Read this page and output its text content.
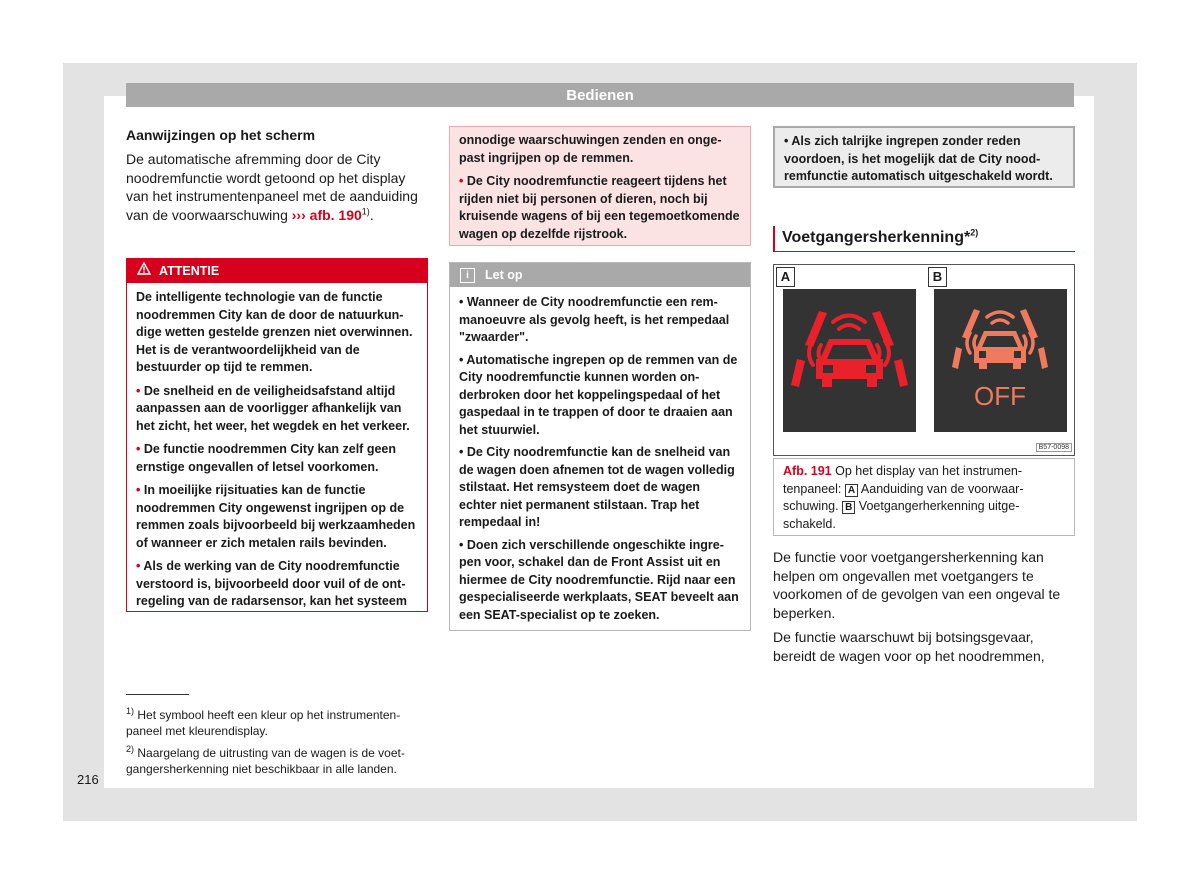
Bedienen
Aanwijzingen op het scherm

De automatische afremming door de City noodremfunctie wordt getoond op het display van het instrumentenpaneel met de aanduiding van de voorwaarschuwing ››› afb. 190$^{1)}$.

ATTENTIE

De intelligente technologie van de functie noodremmen City kan de door de natuurkundige wetten gestelde grenzen niet overwinnen. Het is de verantwoordelijkheid van de bestuurder op tijd te remmen.

• De snelheid en de veiligheidsafstand altijd aanpassen aan de voorligger afhankelijk van het zicht, het weer, het wegdek en het verkeer.

• De functie noodremmen City kan zelf geen ernstige ongevallen of letsel voorkomen.

• In moeilijke rijsituaties kan de functie noodremmen City ongewenst ingrijpen op de remmen zoals bijvoorbeeld bij werkzaamheden of wanneer er zich metalen rails bevinden.

• Als de werking van de City noodremfunctie verstoord is, bijvoorbeeld door vuil of de ontregeling van de radarsensor, kan het systeem

onnodige waarschuwingen zenden en ongepast ingrijpen op de remmen.

• De City noodremfunctie reageert tijdens het rijden niet bij personen of dieren, noch bij kruisende wagens of bij een tegemoetkomende wagen op dezelfde rijstrook.

i	Let op

• Wanneer de City noodremfunctie een remmanoeuvre als gevolg heeft, is het rempedaal "zwaarder".

• Automatische ingrepen op de remmen van de City noodremfunctie kunnen worden onderbroken door het koppelingspedaal of het gaspedaal in te trappen of door te draaien aan het stuurwiel.

• De City noodremfunctie kan de snelheid van de wagen doen afnemen tot de wagen volledig stilstaat. Het remsysteem doet de wagen echter niet permanent stilstaan. Trap het rempedaal in!

• Doen zich verschillende ongeschikte ingrepen voor, schakel dan de Front Assist uit en hiermee de City noodremfunctie. Rijd naar een gespecialiseerde werkplaats, SEAT beveelt aan een SEAT-specialist op te zoeken.

• Als zich talrijke ingrepen zonder reden voordoen, is het mogelijk dat de City noodremfunctie automatisch uitgeschakeld wordt.

Voetgangersherkenning*$^{2)}$
A	B
OFF
B57-0098
Afb. 191 Op het display van het instrumentenpaneel: A Aanduiding van de voorwaarschuwing. B Voetgangerherkenning uitgeschakeld.

De functie voor voetgangersherkenning kan helpen om ongevallen met voetgangers te voorkomen of de gevolgen van een ongeval te beperken.

De functie waarschuwt bij botsingsgevaar, bereidt de wagen voor op het noodremmen,

$^{1)}$ Het symbool heeft een kleur op het instrumentenpaneel met kleurendisplay.

$^{2)}$ Naargelang de uitrusting van de wagen is de voetgangersherkenning niet beschikbaar in alle landen.

216
